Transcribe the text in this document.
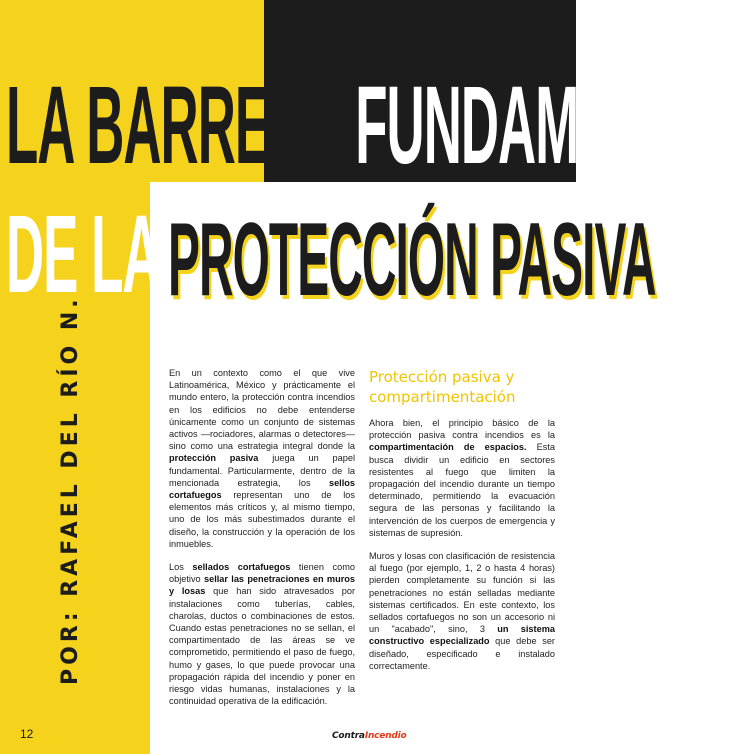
LA BARRERA FUNDAMENTAL
DE LA PROTECCIÓN PASIVA
POR: RAFAEL DEL RÍO N.	En un contexto como el que vive Latinoamérica, México y prácticamente el mundo entero, la protección contra incendios en los edificios no debe entenderse únicamente como un conjunto de sistemas activos —rociadores, alarmas o detectores— sino como una estrategia integral donde la protección pasiva juega un papel fundamental. Particularmente, dentro de la mencionada estrategia, los sellos cortafuegos representan uno de los elementos más críticos y, al mismo tiempo, uno de los más subestimados durante el diseño, la construcción y la operación de los inmuebles.

Los sellados cortafuegos tienen como objetivo sellar las penetraciones en muros y losas que han sido atravesados por instalaciones como tuberías, cables, charolas, ductos o combinaciones de estos. Cuando estas penetraciones no se sellan, el compartimentado de las áreas se ve comprometido, permitiendo el paso de fuego, humo y gases, lo que puede provocar una propagación rápida del incendio y poner en riesgo vidas humanas, instalaciones y la continuidad operativa de la edificación.

Protección pasiva y compartimentación

Ahora bien, el principio básico de la protección pasiva contra incendios es la compartimentación de espacios. Esta busca dividir un edificio en sectores resistentes al fuego que limiten la propagación del incendio durante un tiempo determinado, permitiendo la evacuación segura de las personas y facilitando la intervención de los cuerpos de emergencia y sistemas de supresión.

Muros y losas con clasificación de resistencia al fuego (por ejemplo, 1, 2 o hasta 4 horas) pierden completamente su función si las penetraciones no están selladas mediante sistemas certificados. En este contexto, los sellados cortafuegos no son un accesorio ni un "acabado", sino, 3 un sistema constructivo especializado que debe ser diseñado, especificado e instalado correctamente.

12	ContraIncendio
